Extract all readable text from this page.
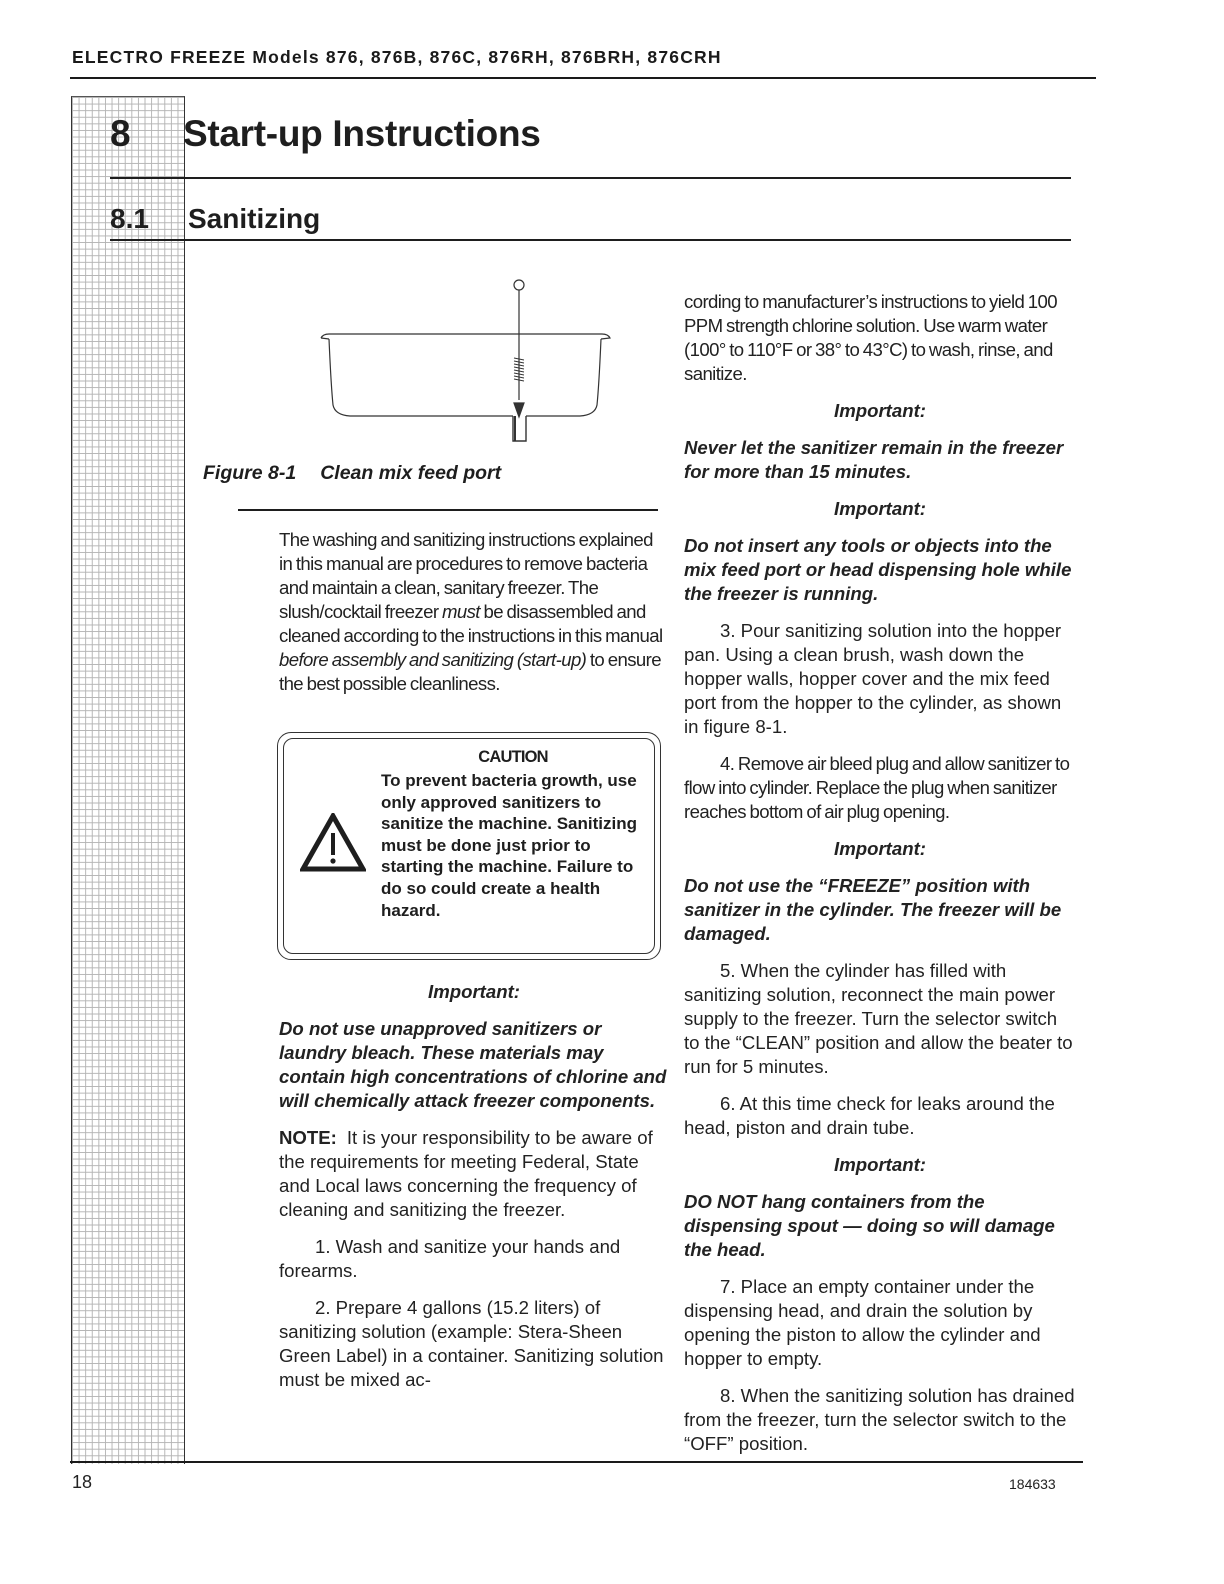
ELECTRO FREEZE Models 876, 876B, 876C, 876RH, 876BRH, 876CRH
8 Start-up Instructions
8.1 Sanitizing
Figure 8-1 Clean mix feed port
The washing and sanitizing instructions explained in this manual are procedures to remove bacteria and maintain a clean, sanitary freezer. The slush/cocktail freezer must be disassembled and cleaned according to the instructions in this manual before assembly and sanitizing (start-up) to ensure the best possible cleanliness.
CAUTION
To prevent bacteria growth, use only approved sanitizers to sanitize the machine. Sanitizing must be done just prior to starting the machine. Failure to do so could create a health hazard.

Important:

Do not use unapproved sanitizers or laundry bleach. These materials may contain high concentrations of chlorine and will chemically attack freezer components.

NOTE: It is your responsibility to be aware of the requirements for meeting Federal, State and Local laws concerning the frequency of cleaning and sanitizing the freezer.

1. Wash and sanitize your hands and forearms.

2. Prepare 4 gallons (15.2 liters) of sanitizing solution (example: Stera-Sheen Green Label) in a container. Sanitizing solution must be mixed ac-

cording to manufacturer’s instructions to yield 100 PPM strength chlorine solution. Use warm water (100° to 110°F or 38° to 43°C) to wash, rinse, and sanitize.

Important:

Never let the sanitizer remain in the freezer for more than 15 minutes.

Important:

Do not insert any tools or objects into the mix feed port or head dispensing hole while the freezer is running.

3. Pour sanitizing solution into the hopper pan. Using a clean brush, wash down the hopper walls, hopper cover and the mix feed port from the hopper to the cylinder, as shown in figure 8-1.

4. Remove air bleed plug and allow sanitizer to flow into cylinder. Replace the plug when sanitizer reaches bottom of air plug opening.

Important:

Do not use the “FREEZE” position with sanitizer in the cylinder. The freezer will be damaged.

5. When the cylinder has filled with sanitizing solution, reconnect the main power supply to the freezer. Turn the selector switch to the “CLEAN” position and allow the beater to run for 5 minutes.

6. At this time check for leaks around the head, piston and drain tube.

Important:

DO NOT hang containers from the dispensing spout — doing so will damage the head.

7. Place an empty container under the dispensing head, and drain the solution by opening the piston to allow the cylinder and hopper to empty.

8. When the sanitizing solution has drained from the freezer, turn the selector switch to the “OFF” position.

18	184633
